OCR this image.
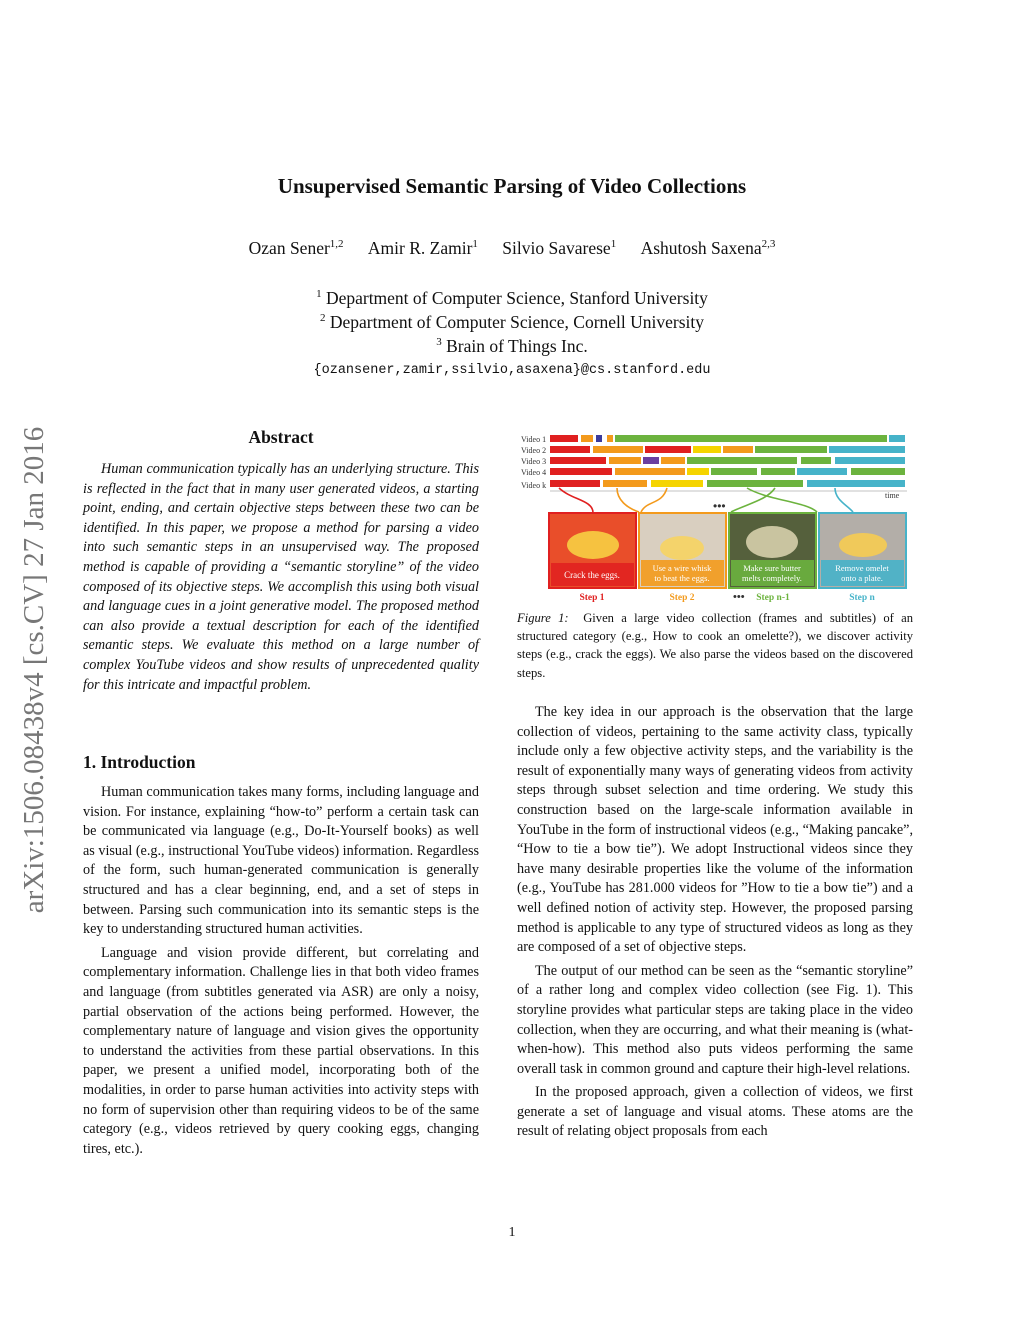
arXiv:1506.08438v4 [cs.CV] 27 Jan 2016
Unsupervised Semantic Parsing of Video Collections
Ozan Sener$^{1,2}$ Amir R. Zamir$^1$ Silvio Savarese$^1$ Ashutosh Saxena$^{2,3}$
$^1$ Department of Computer Science, Stanford University
$^2$ Department of Computer Science, Cornell University
$^3$ Brain of Things Inc.
{ozansener,zamir,ssilvio,asaxena}@cs.stanford.edu
Abstract

Human communication typically has an underlying structure. This is reflected in the fact that in many user generated videos, a starting point, ending, and certain objective steps between these two can be identified. In this paper, we propose a method for parsing a video into such semantic steps in an unsupervised way. The proposed method is capable of providing a “semantic storyline” of the video composed of its objective steps. We accomplish this using both visual and language cues in a joint generative model. The proposed method can also provide a textual description for each of the identified semantic steps. We evaluate this method on a large number of complex YouTube videos and show results of unprecedented quality for this intricate and impactful problem.

1. Introduction

Human communication takes many forms, including language and vision. For instance, explaining “how-to” perform a certain task can be communicated via language (e.g., Do-It-Yourself books) as well as visual (e.g., instructional YouTube videos) information. Regardless of the form, such human-generated communication is generally structured and has a clear beginning, end, and a set of steps in between. Parsing such communication into its semantic steps is the key to understanding structured human activities.

Language and vision provide different, but correlating and complementary information. Challenge lies in that both video frames and language (from subtitles generated via ASR) are only a noisy, partial observation of the actions being performed. However, the complementary nature of language and vision gives the opportunity to understand the activities from these partial observations. In this paper, we present a unified model, incorporating both of the modalities, in order to parse human activities into activity steps with no form of supervision other than requiring videos to be of the same category (e.g., videos retrieved by query cooking eggs, changing tires, etc.).

Video 1
Video 2
Video 3
Video 4
Video k
time
•••
Crack the eggs.
Step 1
Use a wire whisk to beat the eggs.
Step 2	•••
Make sure butter melts completely.
Step n-1
Remove omelet onto a plate.
Step n

Figure 1: Given a large video collection (frames and subtitles) of an structured category (e.g., How to cook an omelette?), we discover activity steps (e.g., crack the eggs). We also parse the videos based on the discovered steps.

The key idea in our approach is the observation that the large collection of videos, pertaining to the same activity class, typically include only a few objective activity steps, and the variability is the result of exponentially many ways of generating videos from activity steps through subset selection and time ordering. We study this construction based on the large-scale information available in YouTube in the form of instructional videos (e.g., “Making pancake”, “How to tie a bow tie”). We adopt Instructional videos since they have many desirable properties like the volume of the information (e.g., YouTube has 281.000 videos for ”How to tie a bow tie”) and a well defined notion of activity step. However, the proposed parsing method is applicable to any type of structured videos as long as they are composed of a set of objective steps.

The output of our method can be seen as the “semantic storyline” of a rather long and complex video collection (see Fig. 1). This storyline provides what particular steps are taking place in the video collection, when they are occurring, and what their meaning is (what-when-how). This method also puts videos performing the same overall task in common ground and capture their high-level relations.

In the proposed approach, given a collection of videos, we first generate a set of language and visual atoms. These atoms are the result of relating object proposals from each

1
